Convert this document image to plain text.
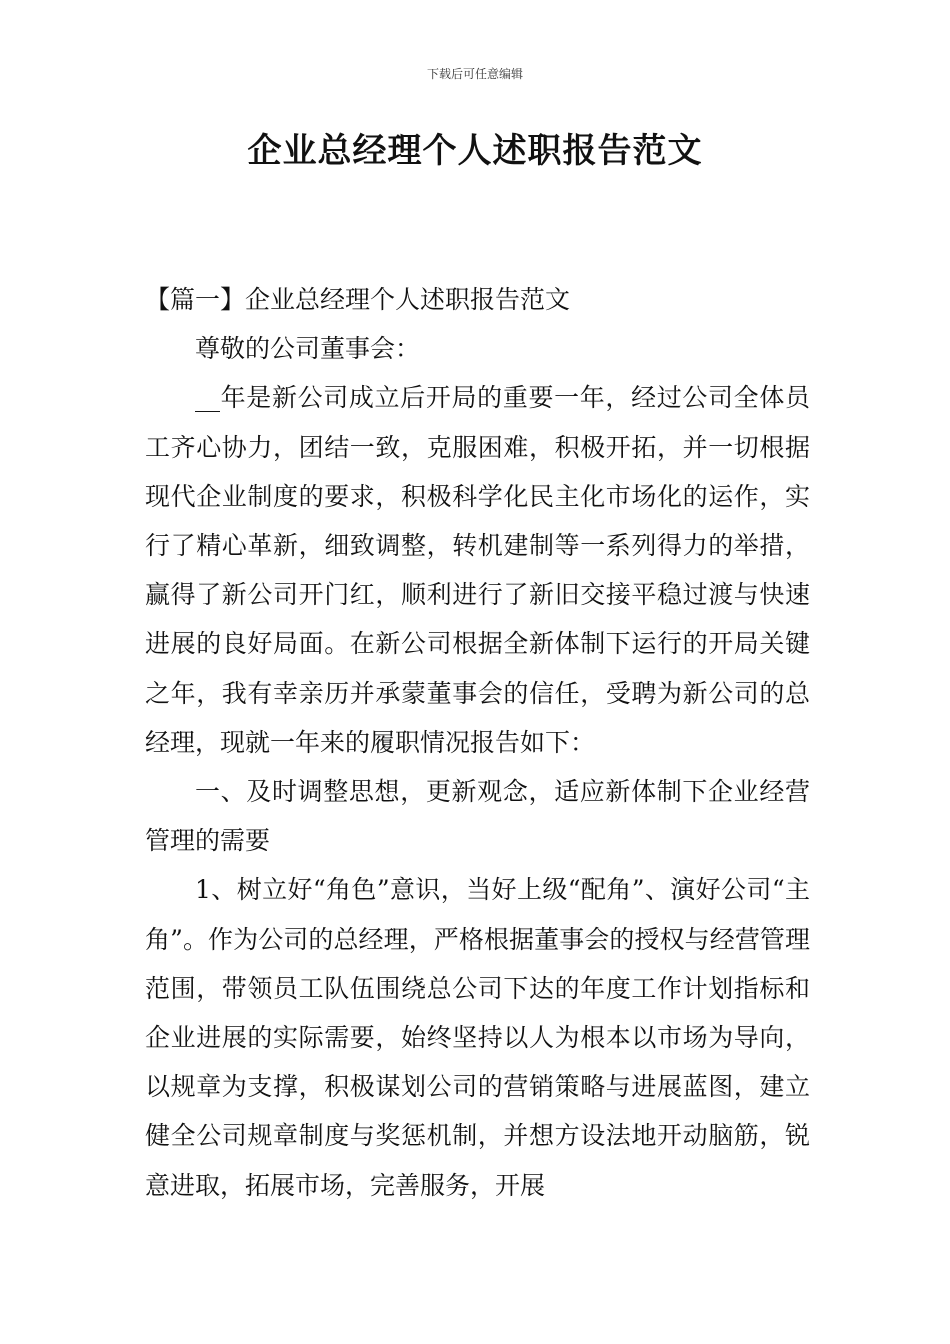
下载后可任意编辑
企业总经理个人述职报告范文

【篇一】企业总经理个人述职报告范文

尊敬的公司董事会：

__年是新公司成立后开局的重要一年，经过公司全体员工齐心协力，团结一致，克服困难，积极开拓，并一切根据现代企业制度的要求，积极科学化民主化市场化的运作，实行了精心革新，细致调整，转机建制等一系列得力的举措，赢得了新公司开门红，顺利进行了新旧交接平稳过渡与快速进展的良好局面。在新公司根据全新体制下运行的开局关键之年，我有幸亲历并承蒙董事会的信任，受聘为新公司的总经理，现就一年来的履职情况报告如下：

一、及时调整思想，更新观念，适应新体制下企业经营管理的需要

1、树立好“角色”意识，当好上级“配角”、演好公司“主角”。作为公司的总经理，严格根据董事会的授权与经营管理范围，带领员工队伍围绕总公司下达的年度工作计划指标和企业进展的实际需要，始终坚持以人为根本以市场为导向，以规章为支撑，积极谋划公司的营销策略与进展蓝图，建立健全公司规章制度与奖惩机制，并想方设法地开动脑筋，锐意进取，拓展市场，完善服务，开展
